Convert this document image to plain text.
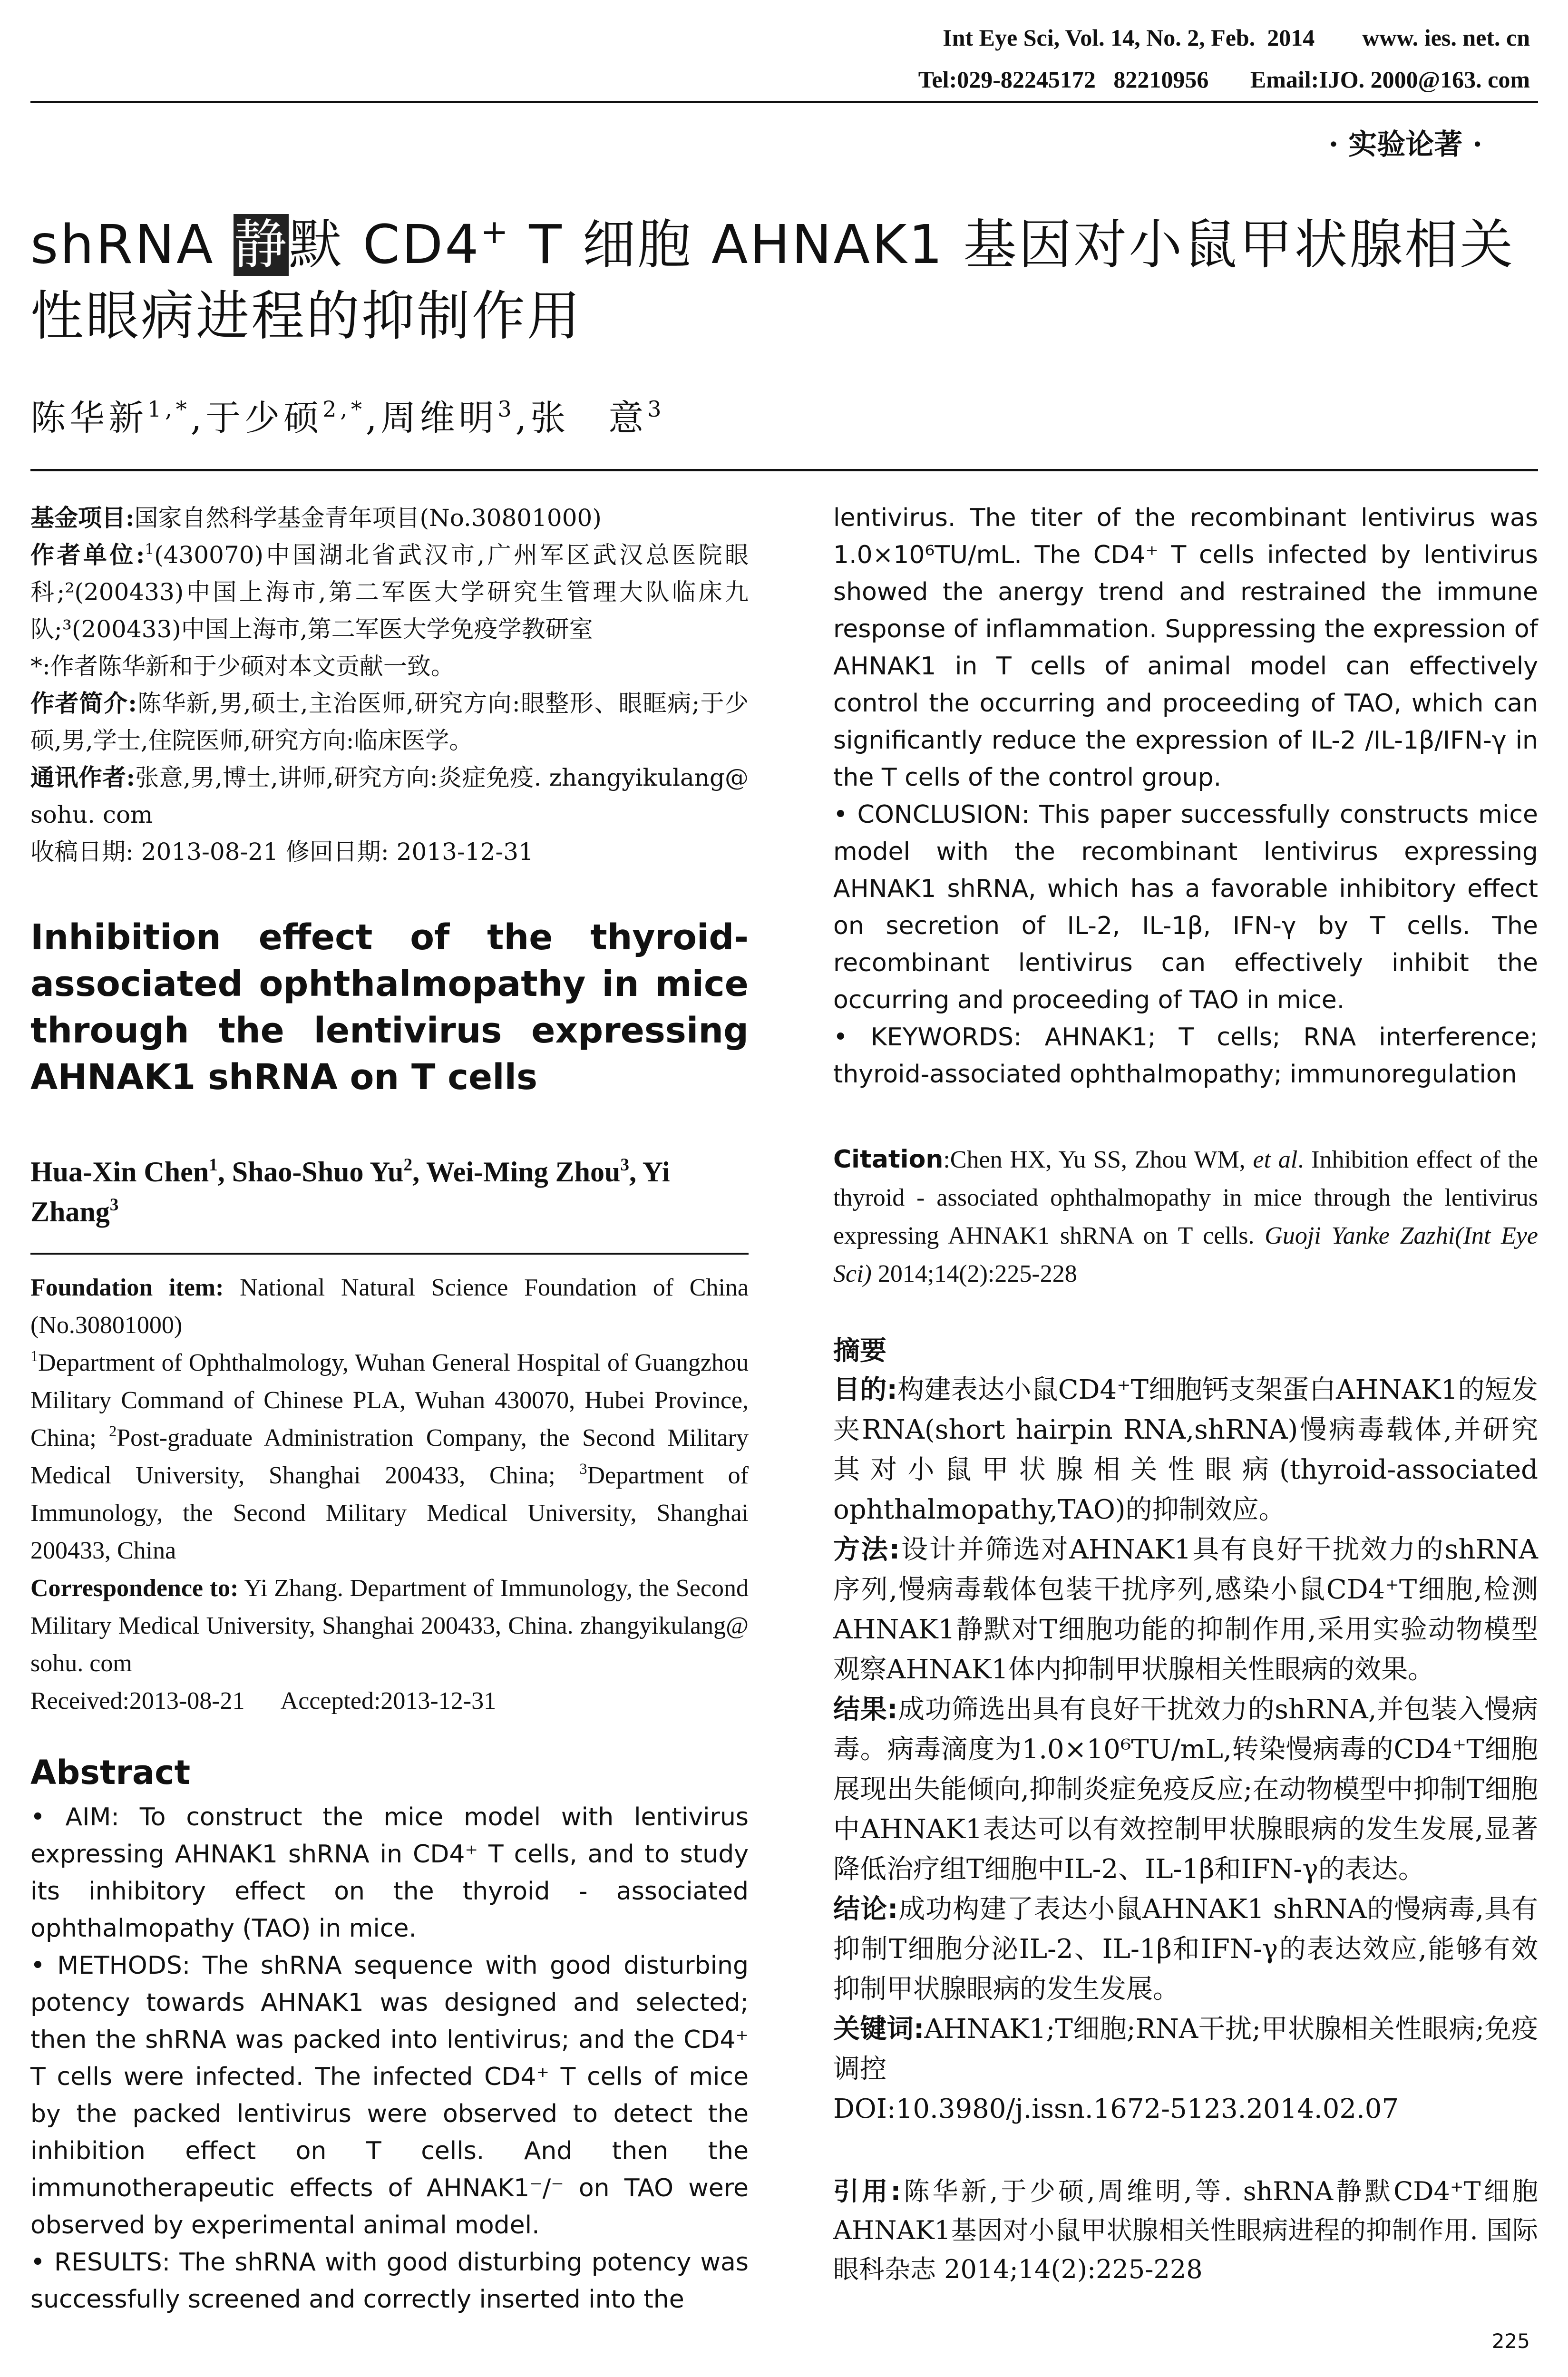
Int Eye Sci, Vol. 14, No. 2, Feb.  2014        www. ies. net. cn
Tel:029-82245172   82210956       Email:IJO. 2000@163. com
· 实验论著 ·
shRNA 静默 CD4+ T 细胞 AHNAK1 基因对小鼠甲状腺相关性眼病进程的抑制作用
陈华新$^{1,*}$,于少硕$^{2,*}$,周维明$^3$,张　意$^3$

基金项目:国家自然科学基金青年项目(No.30801000)

作者单位:$^1$(430070)中国湖北省武汉市,广州军区武汉总医院眼科;²(200433)中国上海市,第二军医大学研究生管理大队临床九队;³(200433)中国上海市,第二军医大学免疫学教研室

*:作者陈华新和于少硕对本文贡献一致。

作者简介:陈华新,男,硕士,主治医师,研究方向:眼整形、眼眶病;于少硕,男,学士,住院医师,研究方向:临床医学。

通讯作者:张意,男,博士,讲师,研究方向:炎症免疫. zhangyikulang@ sohu. com

收稿日期: 2013-08-21 修回日期: 2013-12-31

Inhibition effect of the thyroid-associated ophthalmopathy in mice through the lentivirus expressing AHNAK1 shRNA on T cells
Hua-Xin Chen$^1$, Shao-Shuo Yu$^2$, Wei-Ming Zhou$^3$, Yi Zhang$^3$

Foundation item: National Natural Science Foundation of China (No.30801000)

$^1$Department of Ophthalmology, Wuhan General Hospital of Guangzhou Military Command of Chinese PLA, Wuhan 430070, Hubei Province, China; $^2$Post-graduate Administration Company, the Second Military Medical University, Shanghai 200433, China; $^3$Department of Immunology, the Second Military Medical University, Shanghai 200433, China

Correspondence to: Yi Zhang. Department of Immunology, the Second Military Medical University, Shanghai 200433, China. zhangyikulang@ sohu. com

Received:2013-08-21      Accepted:2013-12-31

Abstract

• AIM: To construct the mice model with lentivirus expressing AHNAK1 shRNA in CD4⁺ T cells, and to study its inhibitory effect on the thyroid - associated ophthalmopathy (TAO) in mice.

• METHODS: The shRNA sequence with good disturbing potency towards AHNAK1 was designed and selected; then the shRNA was packed into lentivirus; and the CD4⁺ T cells were infected. The infected CD4⁺ T cells of mice by the packed lentivirus were observed to detect the inhibition effect on T cells. And then the immunotherapeutic effects of AHNAK1⁻/⁻ on TAO were observed by experimental animal model.

• RESULTS: The shRNA with good disturbing potency was successfully screened and correctly inserted into the

lentivirus. The titer of the recombinant lentivirus was 1.0×10⁶TU/mL. The CD4⁺ T cells infected by lentivirus showed the anergy trend and restrained the immune response of inflammation. Suppressing the expression of AHNAK1 in T cells of animal model can effectively control the occurring and proceeding of TAO, which can significantly reduce the expression of IL-2 /IL-1β/IFN-γ in the T cells of the control group.

• CONCLUSION: This paper successfully constructs mice model with the recombinant lentivirus expressing AHNAK1 shRNA, which has a favorable inhibitory effect on secretion of IL-2, IL-1β, IFN-γ by T cells. The recombinant lentivirus can effectively inhibit the occurring and proceeding of TAO in mice.

• KEYWORDS: AHNAK1; T cells; RNA interference; thyroid-associated ophthalmopathy; immunoregulation

Citation:Chen HX, Yu SS, Zhou WM, et al. Inhibition effect of the thyroid - associated ophthalmopathy in mice through the lentivirus expressing AHNAK1 shRNA on T cells. Guoji Yanke Zazhi(Int Eye Sci) 2014;14(2):225-228
摘要

目的:构建表达小鼠CD4⁺T细胞钙支架蛋白AHNAK1的短发夹RNA(short hairpin RNA,shRNA)慢病毒载体,并研究其对小鼠甲状腺相关性眼病(thyroid-associated ophthalmopathy,TAO)的抑制效应。

方法:设计并筛选对AHNAK1具有良好干扰效力的shRNA序列,慢病毒载体包装干扰序列,感染小鼠CD4⁺T细胞,检测AHNAK1静默对T细胞功能的抑制作用,采用实验动物模型观察AHNAK1体内抑制甲状腺相关性眼病的效果。

结果:成功筛选出具有良好干扰效力的shRNA,并包装入慢病毒。病毒滴度为1.0×10⁶TU/mL,转染慢病毒的CD4⁺T细胞展现出失能倾向,抑制炎症免疫反应;在动物模型中抑制T细胞中AHNAK1表达可以有效控制甲状腺眼病的发生发展,显著降低治疗组T细胞中IL-2、IL-1β和IFN-γ的表达。

结论:成功构建了表达小鼠AHNAK1 shRNA的慢病毒,具有抑制T细胞分泌IL-2、IL-1β和IFN-γ的表达效应,能够有效抑制甲状腺眼病的发生发展。

关键词:AHNAK1;T细胞;RNA干扰;甲状腺相关性眼病;免疫调控

DOI:10.3980/j.issn.1672-5123.2014.02.07

引用:陈华新,于少硕,周维明,等. shRNA静默CD4⁺T细胞AHNAK1基因对小鼠甲状腺相关性眼病进程的抑制作用. 国际眼科杂志 2014;14(2):225-228
225
